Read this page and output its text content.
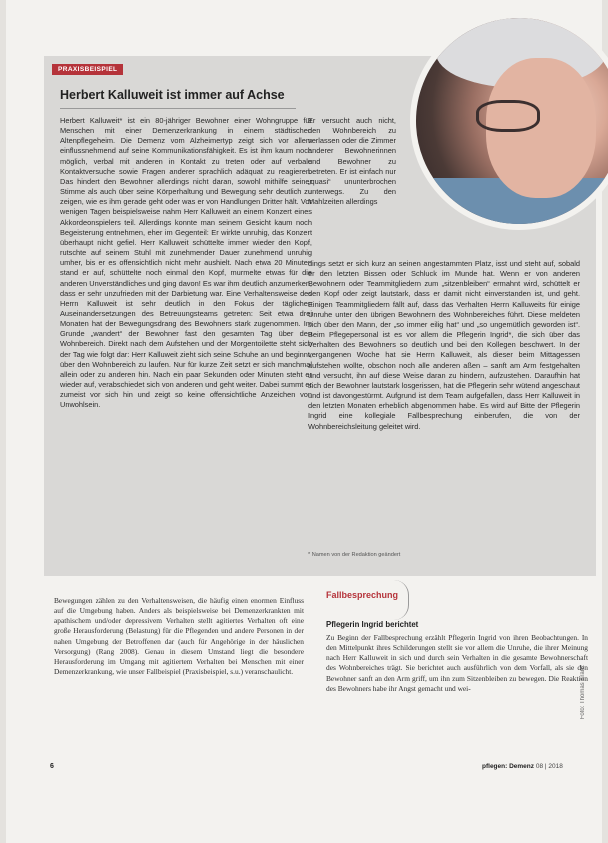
PRAXISBEISPIEL
Herbert Kalluweit ist immer auf Achse

Herbert Kalluweit* ist ein 80-jähriger Bewohner einer Wohngruppe für Menschen mit einer Demenzerkrankung in einem städtischen Altenpflegeheim. Die Demenz vom Alzheimertyp zeigt sich vor allem einflussnehmend auf seine Kommunikationsfähigkeit. Es ist ihm kaum noch möglich, verbal mit anderen in Kontakt zu treten oder auf verbale Kontaktversuche sowie Fragen anderer sprachlich adäquat zu reagieren. Das hindert den Bewohner allerdings nicht daran, sowohl mithilfe seiner Stimme als auch über seine Körperhaltung und Bewegung sehr deutlich zu zeigen, wie es ihm gerade geht oder was er von Handlungen Dritter hält. Vor wenigen Tagen beispielsweise nahm Herr Kalluweit an einem Konzert eines Akkordeonspielers teil. Allerdings konnte man seinem Gesicht kaum noch Begeisterung entnehmen, eher im Gegenteil: Er wirkte unruhig, das Konzert überhaupt nicht gefiel. Herr Kalluweit schüttelte immer wieder den Kopf, rutschte auf seinem Stuhl mit zunehmender Dauer zunehmend unruhig umher, bis er es offensichtlich nicht mehr aushielt. Nach etwa 20 Minuten stand er auf, schüttelte noch einmal den Kopf, murmelte etwas für die anderen Unverständliches und ging davon! Es war ihm deutlich anzumerken, dass er sehr unzufrieden mit der Darbietung war. Eine Verhaltensweise des Herrn Kalluweit ist sehr deutlich in den Fokus der täglichen Auseinandersetzungen des Betreuungsteams getreten: Seit etwa drei Monaten hat der Bewegungsdrang des Bewohners stark zugenommen. Im Grunde „wandert“ der Bewohner fast den gesamten Tag über den Wohnbereich. Direkt nach dem Aufstehen und der Morgentoilette steht sich der Tag wie folgt dar: Herr Kalluweit zieht sich seine Schuhe an und beginnt, über den Wohnbereich zu laufen. Nur für kurze Zeit setzt er sich manchmal allein oder zu anderen hin. Nach ein paar Sekunden oder Minuten steht er wieder auf, verabschiedet sich von anderen und geht weiter. Dabei summt er zumeist vor sich hin und zeigt so keine offensichtliche Anzeichen von Unwohlsein.

Er versucht auch nicht, den Wohnbereich zu verlassen oder die Zimmer anderer Bewohnerinnen und Bewohner zu betreten. Er ist einfach nur „quasi“ ununterbrochen unterwegs. Zu den Mahlzeiten allerdings

dings setzt er sich kurz an seinen angestammten Platz, isst und steht auf, sobald er den letzten Bissen oder Schluck im Munde hat. Wenn er von anderen Bewohnern oder Teammitgliedern zum „sitzenbleiben“ ermahnt wird, schüttelt er den Kopf oder zeigt lautstark, dass er damit nicht einverstanden ist, und geht. Einigen Teammitgliedern fällt auf, dass das Verhalten Herrn Kalluweits für einige Unruhe unter den übrigen Bewohnern des Wohnbereiches führt. Diese meldeten sich über den Mann, der „so immer eilig hat“ und „so ungemütlich geworden ist“. Beim Pflegepersonal ist es vor allem die Pflegerin Ingrid*, die sich über das Verhalten des Bewohners so deutlich und bei den Kollegen beschwert. In der vergangenen Woche hat sie Herrn Kalluweit, als dieser beim Mittagessen aufstehen wollte, obschon noch alle anderen aßen – sanft am Arm festgehalten und versucht, ihn auf diese Weise daran zu hindern, aufzustehen. Daraufhin hat sich der Bewohner lautstark losgerissen, hat die Pflegerin sehr wütend angeschaut und ist davongestürmt. Aufgrund ist dem Team aufgefallen, dass Herr Kalluweit in den letzten Monaten erheblich abgenommen habe. Es wird auf Bitte der Pflegerin Ingrid eine kollegiale Fallbesprechung einberufen, die von der Wohnbereichsleitung geleitet wird.

* Namen von der Redaktion geändert

Bewegungen zählen zu den Verhaltensweisen, die häufig einen enormen Einfluss auf die Umgebung haben. Anders als beispielsweise bei Demenzerkrankten mit apathischem und/oder depressivem Verhalten stellt agitiertes Verhalten oft eine große Herausforderung (Belastung) für die Pflegenden und andere Personen in der nahen Umgebung der Betroffenen dar (auch für Angehörige in der häuslichen Versorgung) (Rang 2008). Genau in diesem Umstand liegt die besondere Herausforderung im Umgang mit agitiertem Verhalten bei Menschen mit einer Demenzerkrankung, wie unser Fallbeispiel (Praxisbeispiel, s.u.) veranschaulicht.

Fallbesprechung
Pflegerin Ingrid berichtet

Zu Beginn der Fallbesprechung erzählt Pflegerin Ingrid von ihren Beobachtungen. In den Mittelpunkt ihres Schilderungen stellt sie vor allem die Unruhe, die ihrer Meinung nach Herr Kalluweit in sich und durch sein Verhalten in die gesamte Bewohnerschaft des Wohnbereiches trägt. Sie berichtet auch ausführlich von dem Vorfall, als sie den Bewohner sanft an den Arm griff, um ihn zum Sitzenbleiben zu bewegen. Die Reaktion des Bewohners habe ihr Angst gemacht und wei-	Foto: Thomas Kranz
6	pflegen: Demenz 08 | 2018
